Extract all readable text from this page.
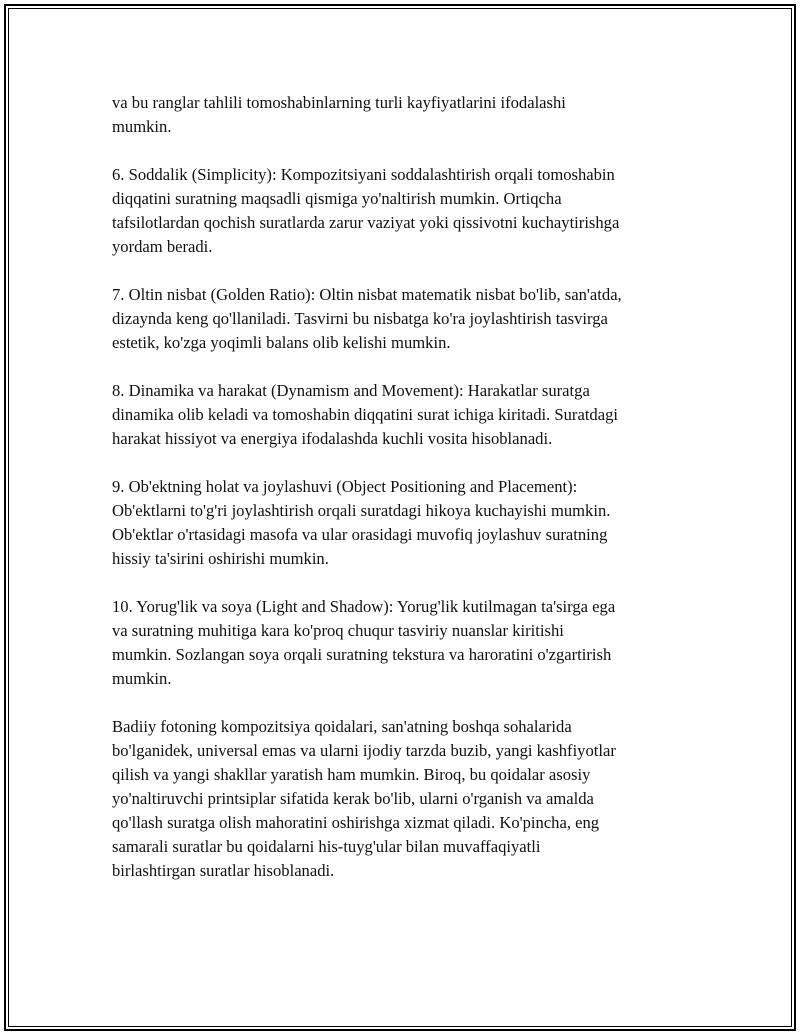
va bu ranglar tahlili tomoshabinlarning turli kayfiyatlarini ifodalashi
mumkin.

6. Soddalik (Simplicity): Kompozitsiyani soddalashtirish orqali tomoshabin
diqqatini suratning maqsadli qismiga yo'naltirish mumkin. Ortiqcha
tafsilotlardan qochish suratlarda zarur vaziyat yoki qissivotni kuchaytirishga
yordam beradi.

7. Oltin nisbat (Golden Ratio): Oltin nisbat matematik nisbat bo'lib, san'atda,
dizaynda keng qo'llaniladi. Tasvirni bu nisbatga ko'ra joylashtirish tasvirga
estetik, ko'zga yoqimli balans olib kelishi mumkin.

8. Dinamika va harakat (Dynamism and Movement): Harakatlar suratga
dinamika olib keladi va tomoshabin diqqatini surat ichiga kiritadi. Suratdagi
harakat hissiyot va energiya ifodalashda kuchli vosita hisoblanadi.

9. Ob'ektning holat va joylashuvi (Object Positioning and Placement):
Ob'ektlarni to'g'ri joylashtirish orqali suratdagi hikoya kuchayishi mumkin.
Ob'ektlar o'rtasidagi masofa va ular orasidagi muvofiq joylashuv suratning
hissiy ta'sirini oshirishi mumkin.

10. Yorug'lik va soya (Light and Shadow): Yorug'lik kutilmagan ta'sirga ega
va suratning muhitiga kara ko'proq chuqur tasviriy nuanslar kiritishi
mumkin. Sozlangan soya orqali suratning tekstura va haroratini o'zgartirish
mumkin.

Badiiy fotoning kompozitsiya qoidalari, san'atning boshqa sohalarida
bo'lganidek, universal emas va ularni ijodiy tarzda buzib, yangi kashfiyotlar
qilish va yangi shakllar yaratish ham mumkin. Biroq, bu qoidalar asosiy
yo'naltiruvchi printsiplar sifatida kerak bo'lib, ularni o'rganish va amalda
qo'llash suratga olish mahoratini oshirishga xizmat qiladi. Ko'pincha, eng
samarali suratlar bu qoidalarni his-tuyg'ular bilan muvaffaqiyatli
birlashtirgan suratlar hisoblanadi.
